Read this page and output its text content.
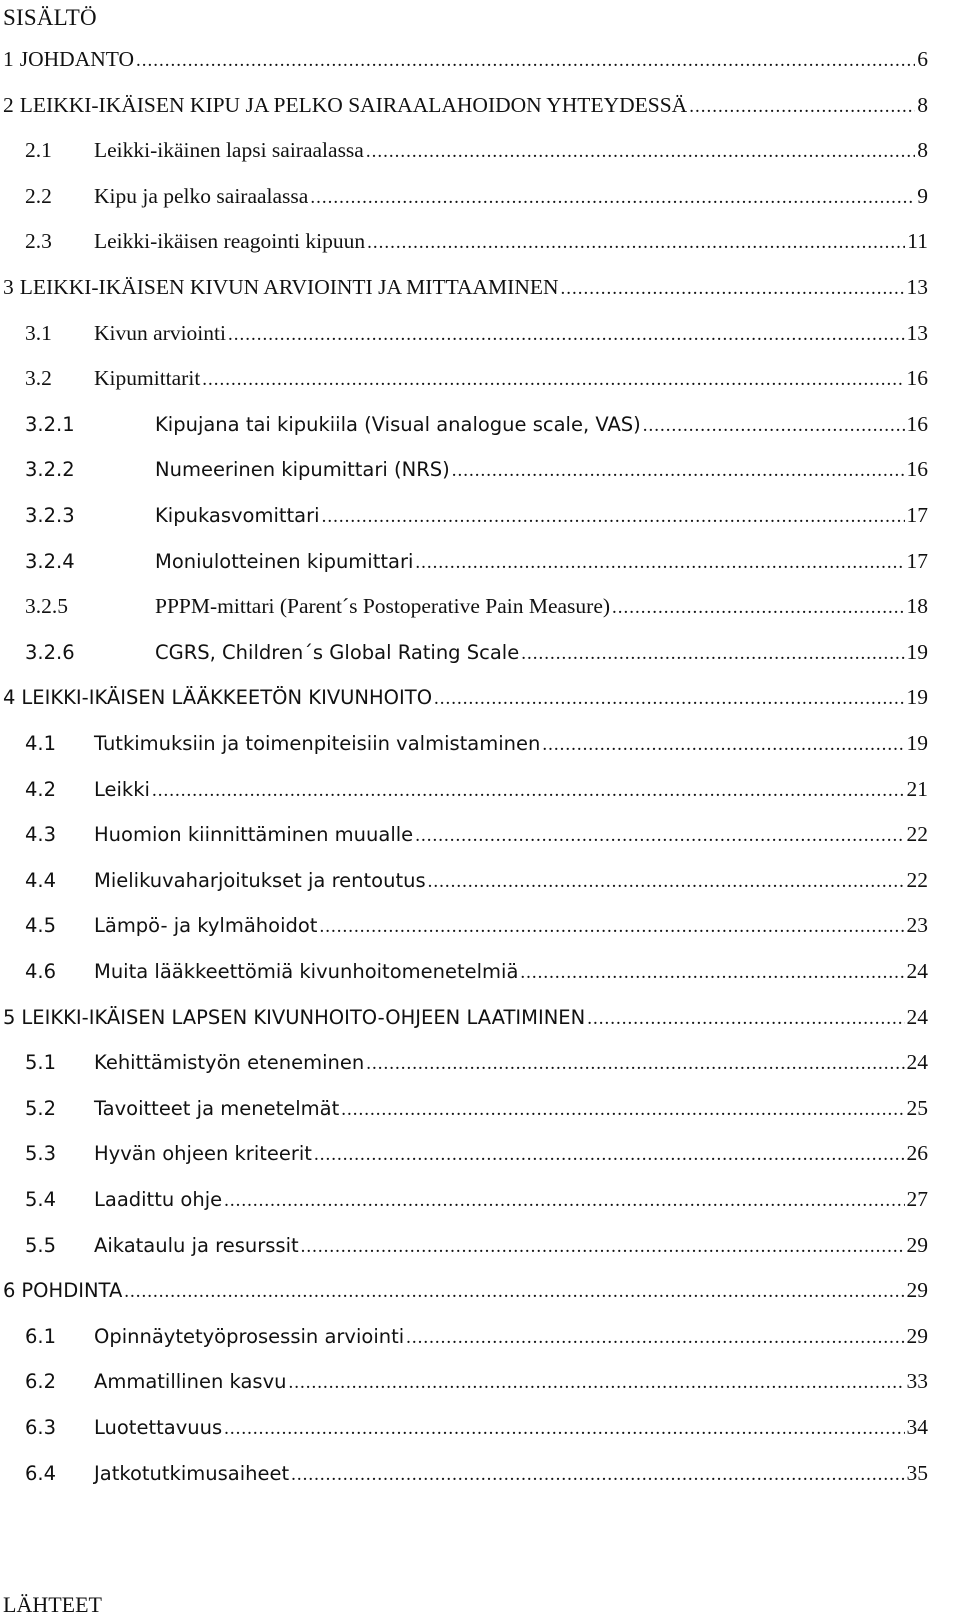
SISÄLTÖ
1 JOHDANTO .....	6
2 LEIKKI-IKÄISEN KIPU JA PELKO SAIRAALAHOIDON YHTEYDESSÄ .....	8
2.1	Leikki-ikäinen lapsi sairaalassa .....	8
2.2	Kipu ja pelko sairaalassa .....	9
2.3	Leikki-ikäisen reagointi kipuun .....	11
3 LEIKKI-IKÄISEN KIVUN ARVIOINTI JA MITTAAMINEN .....	13
3.1	Kivun arviointi .....	13
3.2	Kipumittarit .....	16
3.2.1	Kipujana tai kipukiila (Visual analogue scale, VAS) .....	16
3.2.2	Numeerinen kipumittari (NRS) .....	16
3.2.3	Kipukasvomittari .....	17
3.2.4	Moniulotteinen kipumittari .....	17
3.2.5	PPPM-mittari (Parent´s Postoperative Pain Measure) .....	18
3.2.6	CGRS, Children´s Global Rating Scale .....	19
4 LEIKKI-IKÄISEN LÄÄKKEETÖN KIVUNHOITO .....	19
4.1	Tutkimuksiin ja toimenpiteisiin valmistaminen .....	19
4.2	Leikki .....	21
4.3	Huomion kiinnittäminen muualle .....	22
4.4	Mielikuvaharjoitukset ja rentoutus .....	22
4.5	Lämpö- ja kylmähoidot .....	23
4.6	Muita lääkkeettömiä kivunhoitomenetelmiä .....	24
5 LEIKKI-IKÄISEN LAPSEN KIVUNHOITO-OHJEEN LAATIMINEN .....	24
5.1	Kehittämistyön eteneminen .....	24
5.2	Tavoitteet ja menetelmät .....	25
5.3	Hyvän ohjeen kriteerit .....	26
5.4	Laadittu ohje .....	27
5.5	Aikataulu ja resurssit .....	29
6 POHDINTA .....	29
6.1	Opinnäytetyöprosessin arviointi .....	29
6.2	Ammatillinen kasvu .....	33
6.3	Luotettavuus .....	34
6.4	Jatkotutkimusaiheet .....	35
LÄHTEET
